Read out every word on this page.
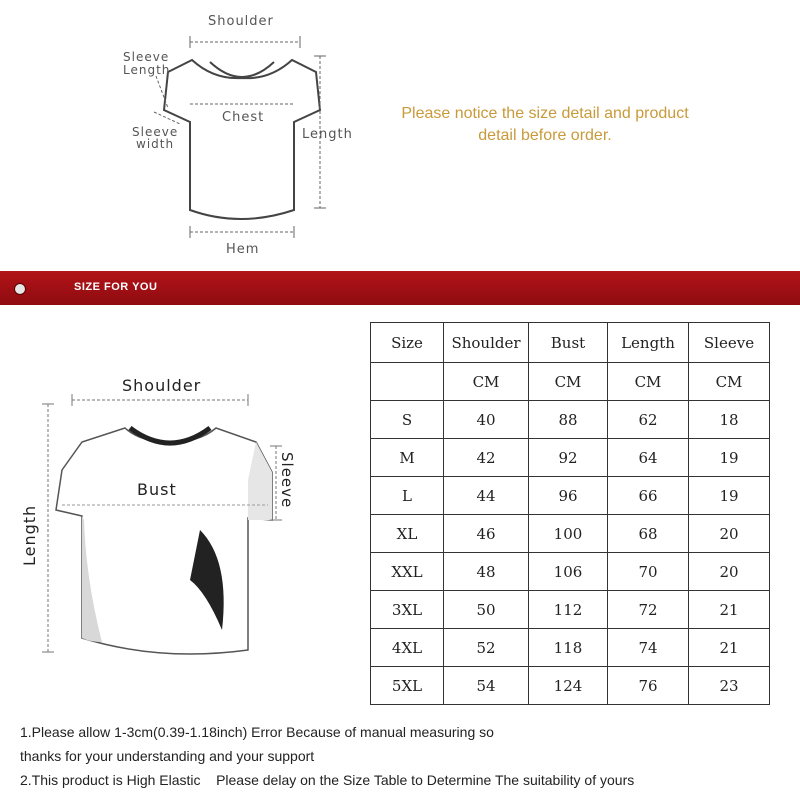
Shoulder
Sleeve
Length
Chest
Sleeve
width
Length
Hem
Please notice the size detail and product
detail before order.
SIZE FOR YOU
Shoulder
Bust	Sleeve
Length
Size	Shoulder	Bust	Length	Sleeve
	CM	CM	CM	CM
S	40	88	62	18
M	42	92	64	19
L	44	96	66	19
XL	46	100	68	20
XXL	48	106	70	20
3XL	50	112	72	21
4XL	52	118	74	21
5XL	54	124	76	23
1.Please allow 1-3cm(0.39-1.18inch) Error Because of manual measuring so
thanks for your understanding and your support
2.This product is High Elastic    Please delay on the Size Table to Determine The suitability of yours
